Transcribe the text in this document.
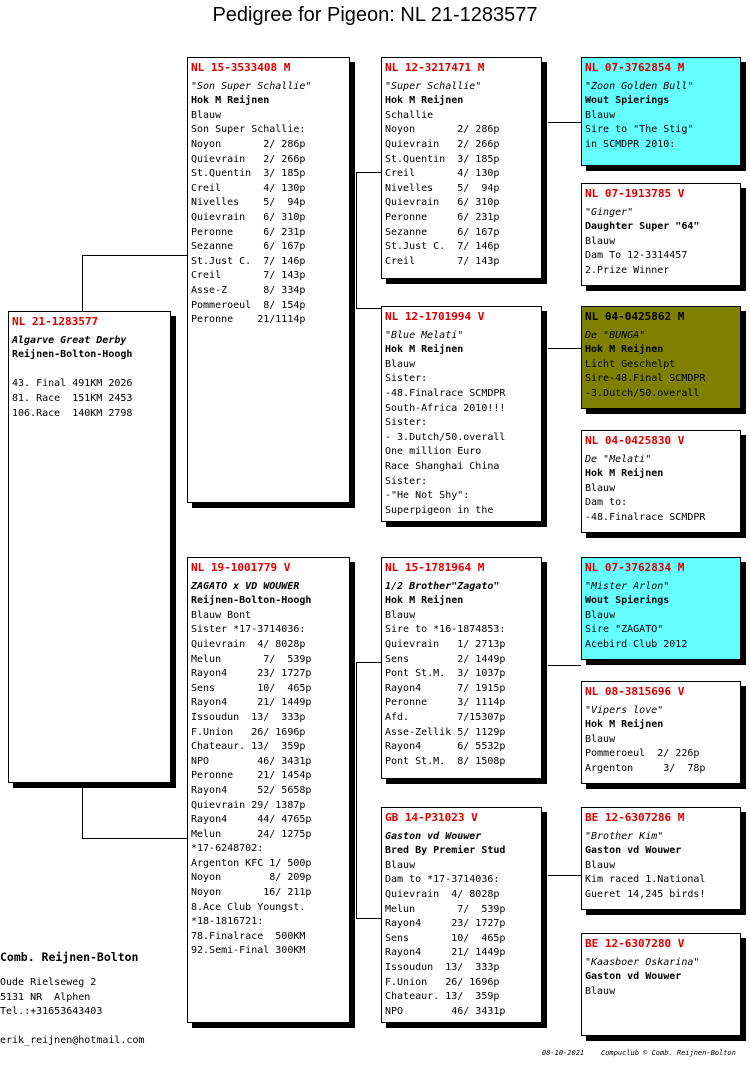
Pedigree for Pigeon: NL 21-1283577
NL 21-1283577
Algarve Great Derby
Reijnen-Bolton-Hoogh

43. Final 491KM 2026
81. Race  151KM 2453
106.Race  140KM 2798
NL 15-3533408 M
"Son Super Schallie"
Hok M Reijnen
Blauw
Son Super Schallie:
Noyon       2/ 286p
Quievrain   2/ 266p
St.Quentin  3/ 185p
Creil       4/ 130p
Nivelles    5/  94p
Quievrain   6/ 310p
Peronne     6/ 231p
Sezanne     6/ 167p
St.Just C.  7/ 146p
Creil       7/ 143p
Asse-Z      8/ 334p
Pommeroeul  8/ 154p
Peronne    21/1114p
NL 19-1001779 V
ZAGATO x VD WOUWER
Reijnen-Bolton-Hoogh
Blauw Bont
Sister *17-3714036:
Quievrain  4/ 8028p
Melun       7/  539p
Rayon4     23/ 1727p
Sens       10/  465p
Rayon4     21/ 1449p
Issoudun  13/  333p
F.Union   26/ 1696p
Chateaur. 13/  359p
NPO        46/ 3431p
Peronne    21/ 1454p
Rayon4     52/ 5658p
Quievrain 29/ 1387p
Rayon4     44/ 4765p
Melun      24/ 1275p
*17-6248702:
Argenton KFC 1/ 500p
Noyon        8/ 209p
Noyon       16/ 211p
8.Ace Club Youngst.
*18-1816721:
78.Finalrace  500KM
92.Semi-Final 300KM
NL 12-3217471 M
"Super Schallie"
Hok M Reijnen
Schallie
Noyon       2/ 286p
Quievrain   2/ 266p
St.Quentin  3/ 185p
Creil       4/ 130p
Nivelles    5/  94p
Quievrain   6/ 310p
Peronne     6/ 231p
Sezanne     6/ 167p
St.Just C.  7/ 146p
Creil       7/ 143p
NL 12-1701994 V
"Blue Melati"
Hok M Reijnen
Blauw
Sister:
-48.Finalrace SCMDPR
South-Africa 2010!!!
Sister:
- 3.Dutch/50.overall
One million Euro
Race Shanghai China
Sister:
-"He Not Shy":
Superpigeon in the
NL 15-1781964 M
1/2 Brother"Zagato"
Hok M Reijnen
Blauw
Sire to *16-1874853:
Quievrain   1/ 2713p
Sens        2/ 1449p
Pont St.M.  3/ 1037p
Rayon4      7/ 1915p
Peronne     3/ 1114p
Afd.        7/15307p
Asse-Zellik 5/ 1129p
Rayon4      6/ 5532p
Pont St.M.  8/ 1508p
GB 14-P31023 V
Gaston vd Wouwer
Bred By Premier Stud
Blauw
Dam to *17-3714036:
Quievrain  4/ 8028p
Melun       7/  539p
Rayon4     23/ 1727p
Sens       10/  465p
Rayon4     21/ 1449p
Issoudun  13/  333p
F.Union   26/ 1696p
Chateaur. 13/  359p
NPO        46/ 3431p
NL 07-3762854 M
"Zoon Golden Bull"
Wout Spierings
Blauw
Sire to "The Stig"
in SCMDPR 2010:
NL 07-1913785 V
"Ginger"
Daughter Super "64"
Blauw
Dam To 12-3314457
2.Prize Winner
NL 04-0425862 M
De "BUNGA"
Hok M Reijnen
Licht Geschelpt
Sire-48.Final SCMDPR
-3.Dutch/50.overall
NL 04-0425830 V
De "Melati"
Hok M Reijnen
Blauw
Dam to:
-48.Finalrace SCMDPR
NL 07-3762834 M
"Mister Arlon"
Wout Spierings
Blauw
Sire "ZAGATO"
Acebird Club 2012
NL 08-3815696 V
"Vipers love"
Hok M Reijnen
Blauw
Pommeroeul  2/ 226p
Argenton     3/  78p
BE 12-6307286 M
"Brother Kim"
Gaston vd Wouwer
Blauw
Kim raced 1.National
Gueret 14,245 birds!
BE 12-6307280 V
"Kaasboer Oskarina"
Gaston vd Wouwer
Blauw
Comb. Reijnen-Bolton
Oude Rielseweg 2
5131 NR  Alphen
Tel.:+31653643403
erik_reijnen@hotmail.com
08-10-2021 Compuclub © Comb. Reijnen-Bolton
